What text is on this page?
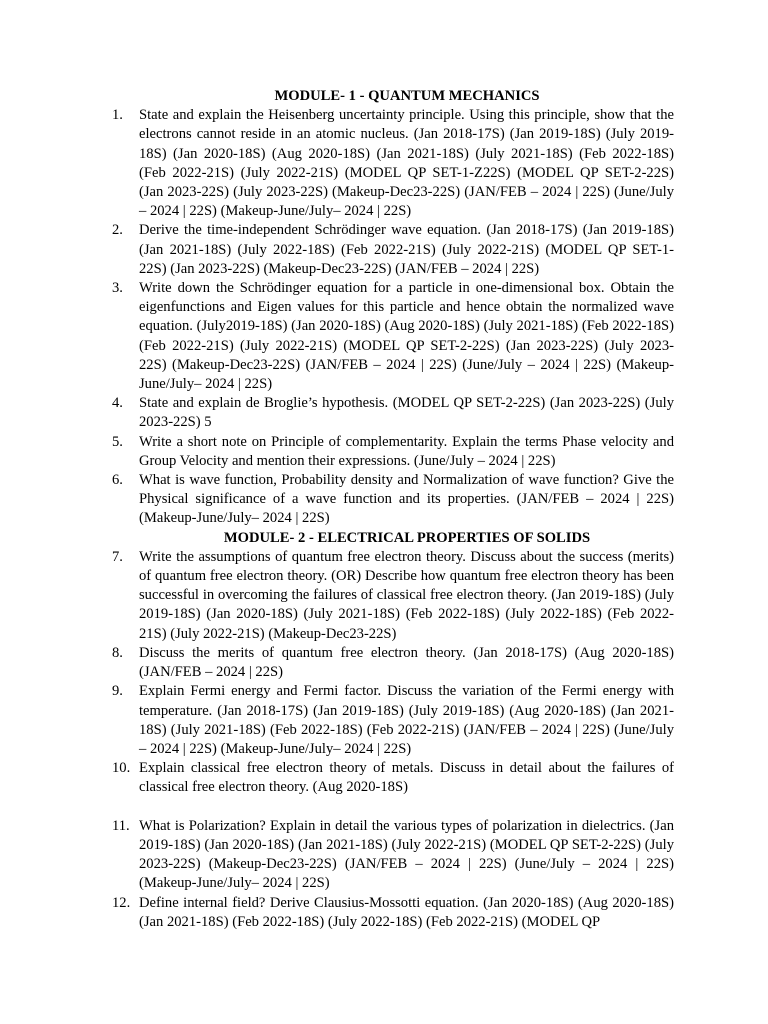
MODULE- 1 - QUANTUM MECHANICS

1.	State and explain the Heisenberg uncertainty principle. Using this principle, show that the electrons cannot reside in an atomic nucleus. (Jan 2018-17S) (Jan 2019-18S) (July 2019-18S) (Jan 2020-18S) (Aug 2020-18S) (Jan 2021-18S) (July 2021-18S) (Feb 2022-18S) (Feb 2022-21S) (July 2022-21S) (MODEL QP SET-1-Z22S) (MODEL QP SET-2-22S) (Jan 2023-22S) (July 2023-22S) (Makeup-Dec23-22S) (JAN/FEB – 2024 | 22S) (June/July – 2024 | 22S) (Makeup-June/July– 2024 | 22S)
2.	Derive the time-independent Schrödinger wave equation. (Jan 2018-17S) (Jan 2019-18S) (Jan 2021-18S) (July 2022-18S) (Feb 2022-21S) (July 2022-21S) (MODEL QP SET-1-22S) (Jan 2023-22S) (Makeup-Dec23-22S) (JAN/FEB – 2024 | 22S)
3.	Write down the Schrödinger equation for a particle in one-dimensional box. Obtain the eigenfunctions and Eigen values for this particle and hence obtain the normalized wave equation. (July2019-18S) (Jan 2020-18S) (Aug 2020-18S) (July 2021-18S) (Feb 2022-18S) (Feb 2022-21S) (July 2022-21S) (MODEL QP SET-2-22S) (Jan 2023-22S) (July 2023-22S) (Makeup-Dec23-22S) (JAN/FEB – 2024 | 22S) (June/July – 2024 | 22S) (Makeup-June/July– 2024 | 22S)
4.	State and explain de Broglie’s hypothesis. (MODEL QP SET-2-22S) (Jan 2023-22S) (July 2023-22S) 5
5.	Write a short note on Principle of complementarity. Explain the terms Phase velocity and Group Velocity and mention their expressions. (June/July – 2024 | 22S)
6.	What is wave function, Probability density and Normalization of wave function? Give the Physical significance of a wave function and its properties. (JAN/FEB – 2024 | 22S) (Makeup-June/July– 2024 | 22S)

MODULE- 2 - ELECTRICAL PROPERTIES OF SOLIDS

7.	Write the assumptions of quantum free electron theory. Discuss about the success (merits) of quantum free electron theory. (OR) Describe how quantum free electron theory has been successful in overcoming the failures of classical free electron theory. (Jan 2019-18S) (July 2019-18S) (Jan 2020-18S) (July 2021-18S) (Feb 2022-18S) (July 2022-18S) (Feb 2022-21S) (July 2022-21S) (Makeup-Dec23-22S)
8.	Discuss the merits of quantum free electron theory. (Jan 2018-17S) (Aug 2020-18S) (JAN/FEB – 2024 | 22S)
9.	Explain Fermi energy and Fermi factor. Discuss the variation of the Fermi energy with temperature. (Jan 2018-17S) (Jan 2019-18S) (July 2019-18S) (Aug 2020-18S) (Jan 2021-18S) (July 2021-18S) (Feb 2022-18S) (Feb 2022-21S) (JAN/FEB – 2024 | 22S) (June/July – 2024 | 22S) (Makeup-June/July– 2024 | 22S)
10. Explain classical free electron theory of metals. Discuss in detail about the failures of classical free electron theory. (Aug 2020-18S)
11. What is Polarization? Explain in detail the various types of polarization in dielectrics. (Jan 2019-18S) (Jan 2020-18S) (Jan 2021-18S) (July 2022-21S) (MODEL QP SET-2-22S) (July 2023-22S) (Makeup-Dec23-22S) (JAN/FEB – 2024 | 22S) (June/July – 2024 | 22S) (Makeup-June/July– 2024 | 22S)
12. Define internal field? Derive Clausius-Mossotti equation. (Jan 2020-18S) (Aug 2020-18S) (Jan 2021-18S) (Feb 2022-18S) (July 2022-18S) (Feb 2022-21S) (MODEL QP
